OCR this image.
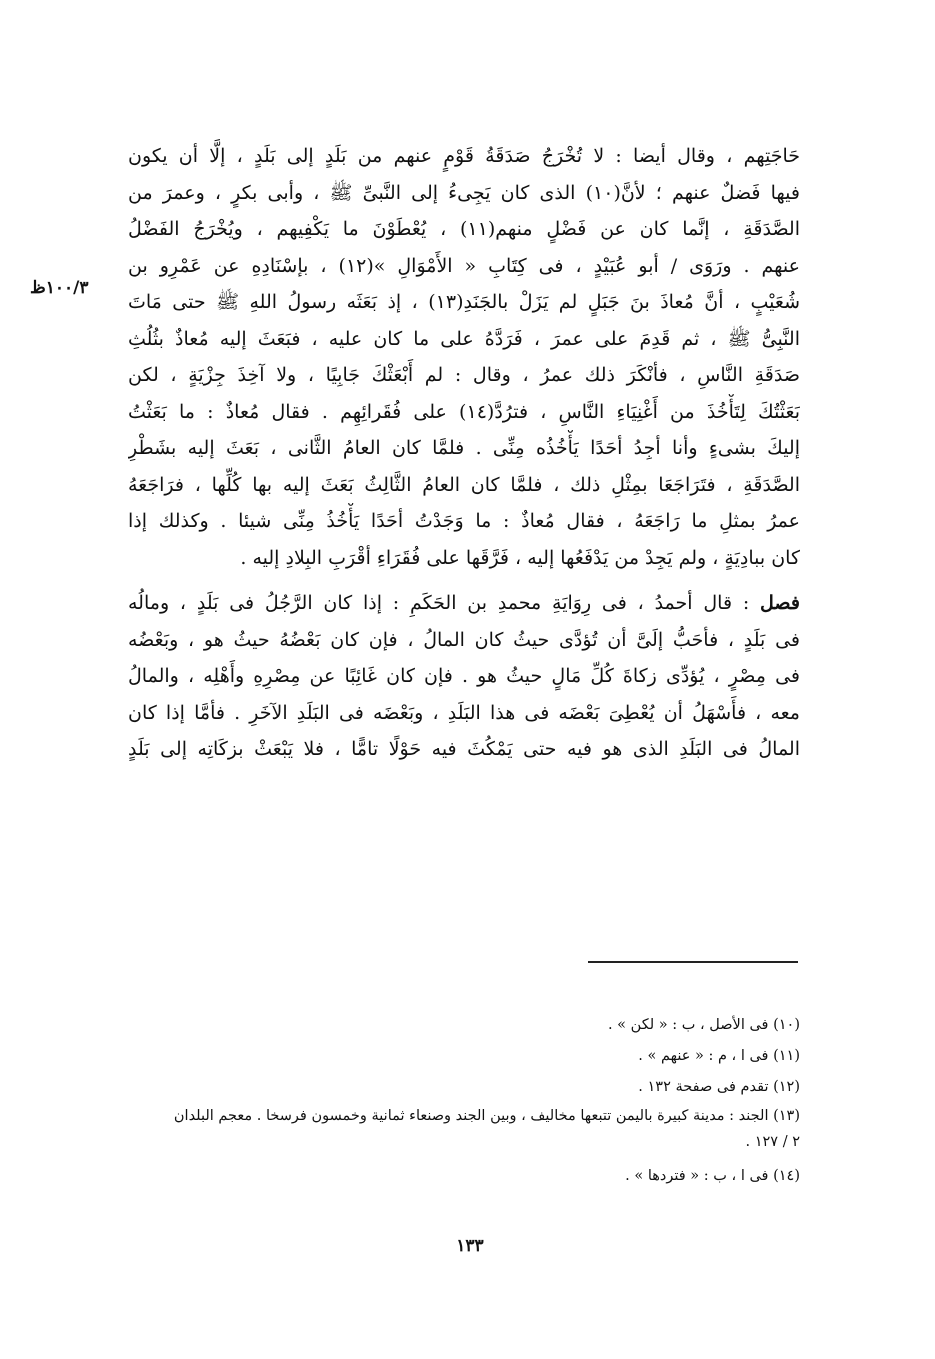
١٠٠/٣ظ
حَاجَتِهم ، وقال أيضا : لا تُخْرَجُ صَدَقَةُ قَوْمٍ عنهم من بَلَدٍ إلى بَلَدٍ ، إلَّا أن يكون
فيها فَضلٌ عنهم ؛ لأنَّ(١٠) الذى كان يَجِىءُ إلى النَّبىِّ ﷺ ، وأبى بكرٍ ، وعمرَ من
الصَّدَقَةِ ، إنَّما كان عن فَضْلٍ منهم(١١) ، يُعْطَوْنَ ما يَكْفِيهم ، ويُخْرَجُ الفَضْلُ
عنهم . ورَوَى / أبو عُبَيْدٍ ، فى كِتَابِ « الأَمْوَالِ »(١٢) ، بإسْنَادِهِ عن عَمْرِو بن
شُعَيْبٍ ، أنَّ مُعاذَ بنَ جَبَلٍ لم يَزَلْ بالجَنَدِ(١٣) ، إذ بَعَثَه رسولُ اللهِ ﷺ حتى مَاتَ
النَّبِىُّ ﷺ ، ثم قَدِمَ على عمرَ ، فَرَدَّهُ على ما كان عليه ، فبَعَثَ إليه مُعاذٌ بثُلُثِ
صَدَقَةِ النَّاسِ ، فأنْكَرَ ذلك عمرُ ، وقال : لم أَبْعَثْكَ جَابِيًا ، ولا آخِذَ جِزْيَةٍ ، لكن
بَعَثْتُكَ لِتَأْخُذَ من أَغْنِيَاءِ النَّاسِ ، فترُدَّ(١٤) على فُقَرائِهِم . فقال مُعاذٌ : ما بَعَثْتُ
إليكَ بشىءٍ وأنا أجِدُ أحَدًا يَأْخُذُه مِنِّى . فلمَّا كان العامُ الثَّانى ، بَعَثَ إليه بشَطْرِ
الصَّدَقَةِ ، فتَرَاجَعَا بمِثْلِ ذلك ، فلمَّا كان العامُ الثَّالِثُ بَعَثَ إليه بها كُلِّها ، فرَاجَعَهُ
عمرُ بمثلِ ما رَاجَعَهُ ، فقال مُعاذٌ : ما وَجَدْتُ أحَدًا يَأْخُذُ مِنِّى شيئا . وكذلك إذا
كان ببادِيَةٍ ، ولم يَجِدْ من يَدْفَعُها إليه ، فَرَّقَها على فُقَرَاءِ أقْرَبِ البِلادِ إليه .
فصل : قال أحمدُ ، فى رِوَايَةِ محمدِ بن الحَكَمِ : إذا كان الرَّجُلُ فى بَلَدٍ ، ومالُه
فى بَلَدٍ ، فأحَبُّ إلَىَّ أن تُؤدَّى حيثُ كان المالُ ، فإن كان بَعْضُهُ حيثُ هو ، وبَعْضُه
فى مِصْرٍ ، يُؤدِّى زكاةَ كُلِّ مَالٍ حيثُ هو . فإن كان غَائِبًا عن مِصْرِهِ وأَهْلِه ، والمالُ
معه ، فأَسْهَلُ أن يُعْطِىَ بَعْضَه فى هذا البَلَدِ ، وبَعْضَه فى البَلَدِ الآخَرِ . فأمَّا إذا كان
المالُ فى البَلَدِ الذى هو فيه حتى يَمْكُثَ فيه حَوْلًا تامًّا ، فلا يَبْعَثْ بزكَاتِه إلى بَلَدٍ
(١٠) فى الأصل ، ب : « لكن » .
(١١) فى ا ، م : « عنهم » .
(١٢) تقدم فى صفحة ١٣٢ .
(١٣) الجند : مدينة كبيرة باليمن تتبعها مخاليف ، وبين الجند وصنعاء ثمانية وخمسون فرسخا . معجم البلدان
٢ / ١٢٧ .
(١٤) فى ا ، ب : « فتردها » .
١٣٣
